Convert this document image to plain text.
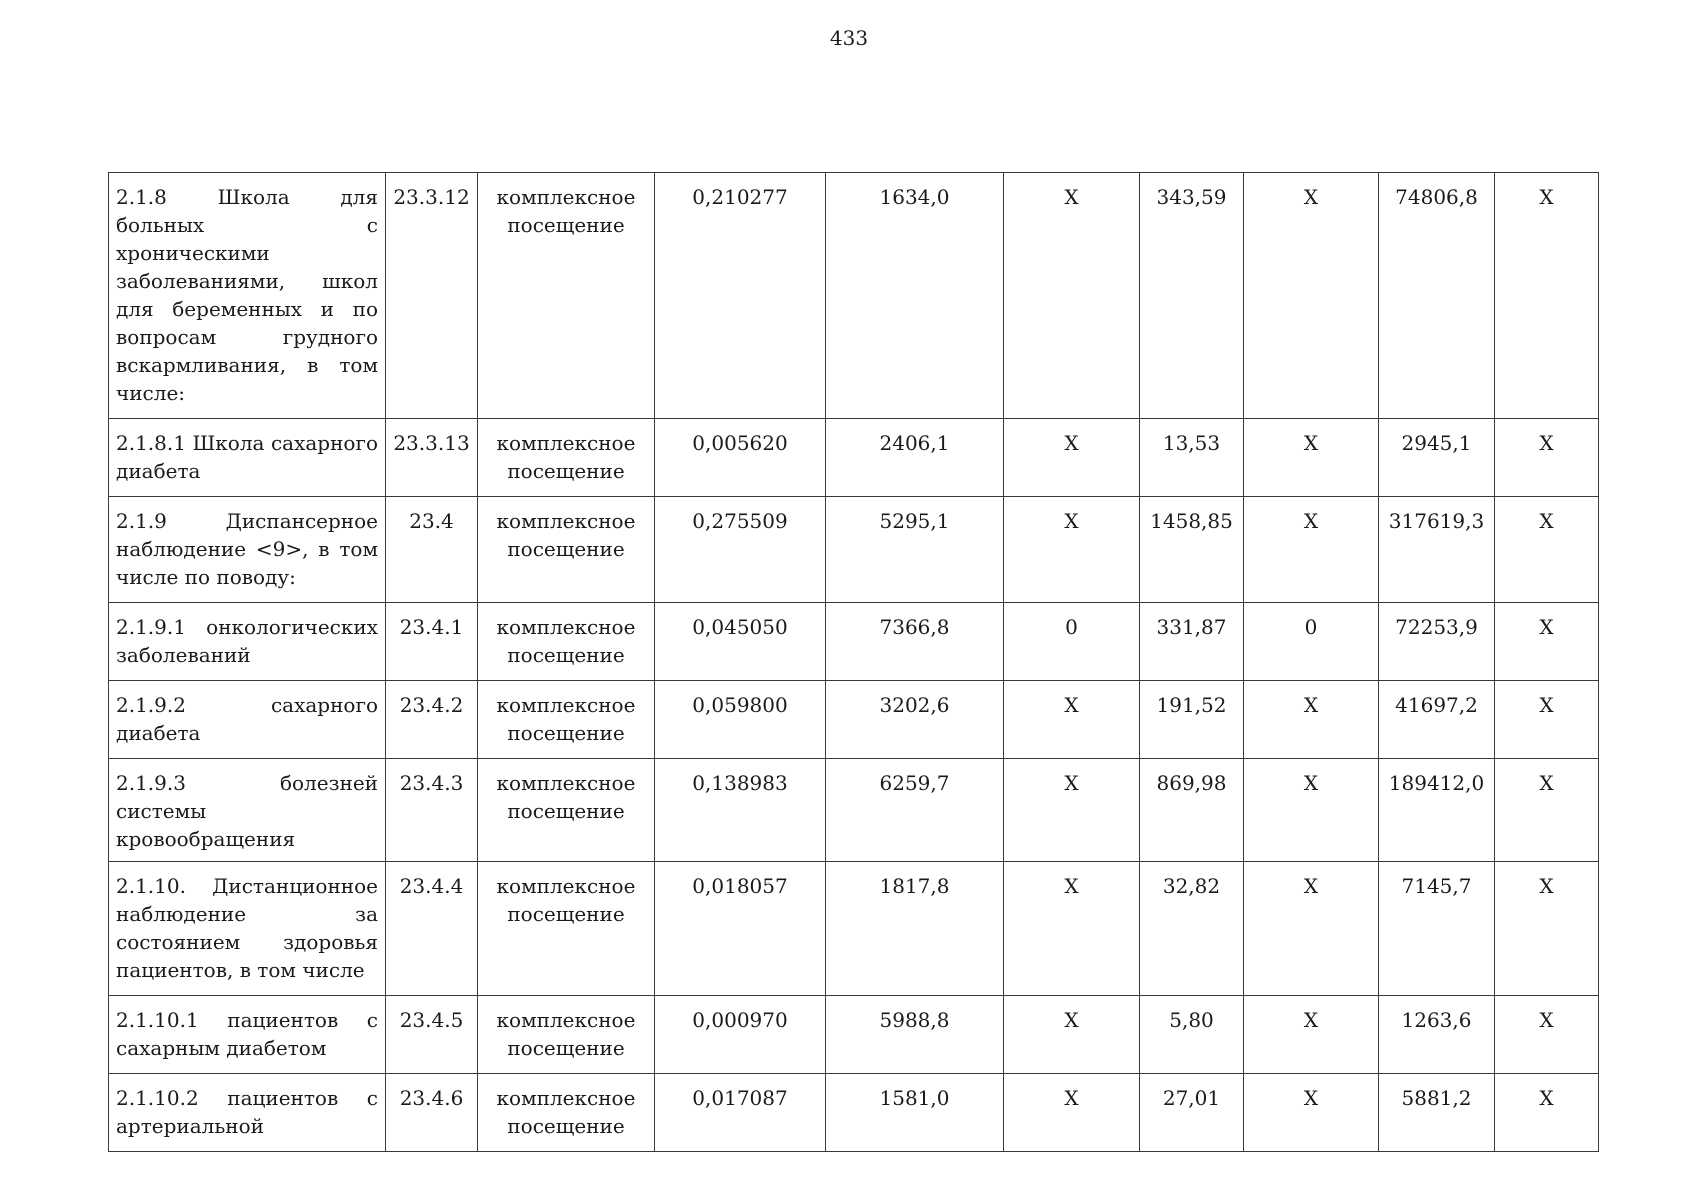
433
2.1.8 Школа для больных с хроническими заболеваниями, школ для беременных и по вопросам грудного вскармливания, в том числе:	23.3.12	комплексное посещение	0,210277	1634,0	Х	343,59	Х	74806,8	Х
2.1.8.1 Школа сахарного диабета	23.3.13	комплексное посещение	0,005620	2406,1	Х	13,53	Х	2945,1	Х
2.1.9 Диспансерное наблюдение <9>, в том числе по поводу:	23.4	комплексное посещение	0,275509	5295,1	Х	1458,85	Х	317619,3	Х
2.1.9.1 онкологических заболеваний	23.4.1	комплексное посещение	0,045050	7366,8	0	331,87	0	72253,9	Х
2.1.9.2 сахарного диабета	23.4.2	комплексное посещение	0,059800	3202,6	Х	191,52	Х	41697,2	Х
2.1.9.3 болезней системы кровообращения	23.4.3	комплексное посещение	0,138983	6259,7	Х	869,98	Х	189412,0	Х
2.1.10. Дистанционное наблюдение за состоянием здоровья пациентов, в том числе	23.4.4	комплексное посещение	0,018057	1817,8	Х	32,82	Х	7145,7	Х
2.1.10.1 пациентов с сахарным диабетом	23.4.5	комплексное посещение	0,000970	5988,8	Х	5,80	Х	1263,6	Х
2.1.10.2 пациентов с артериальной	23.4.6	комплексное посещение	0,017087	1581,0	Х	27,01	Х	5881,2	Х
